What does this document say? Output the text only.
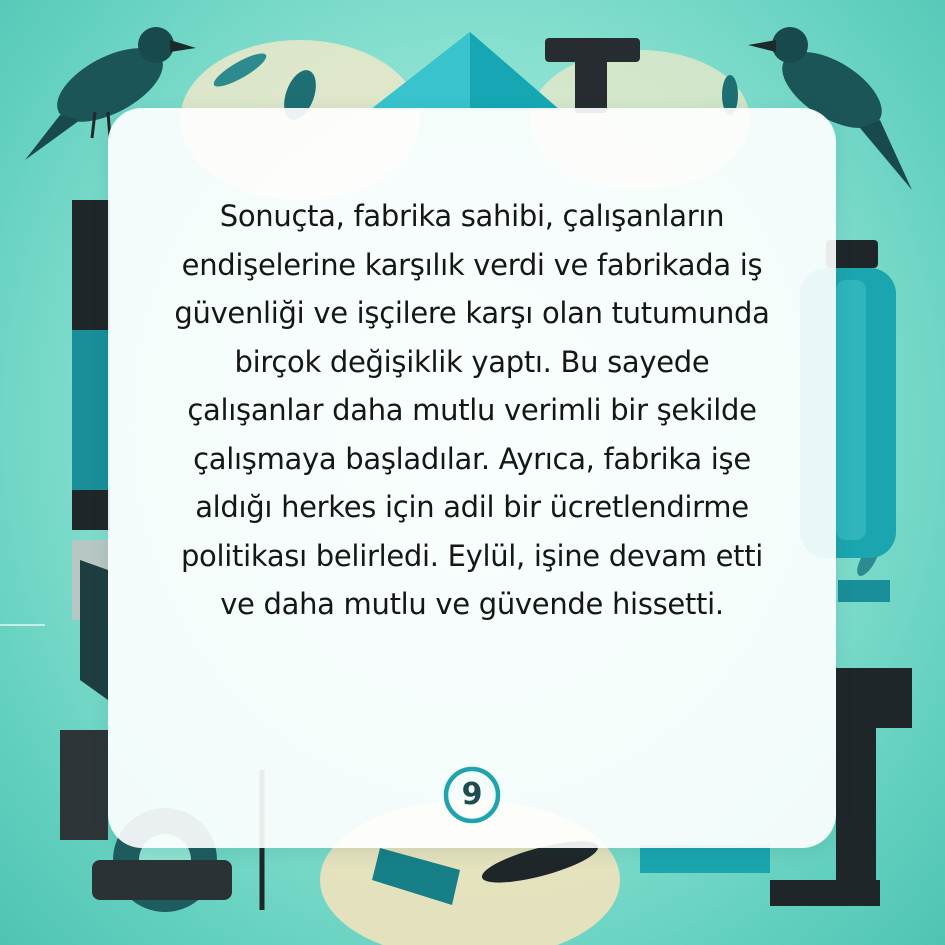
Sonuçta, fabrika sahibi, çalışanların endişelerine karşılık verdi ve fabrikada iş güvenliği ve işçilere karşı olan tutumunda birçok değişiklik yaptı. Bu sayede çalışanlar daha mutlu verimli bir şekilde çalışmaya başladılar. Ayrıca, fabrika işe aldığı herkes için adil bir ücretlendirme politikası belirledi. Eylül, işine devam etti ve daha mutlu ve güvende hissetti.

9
